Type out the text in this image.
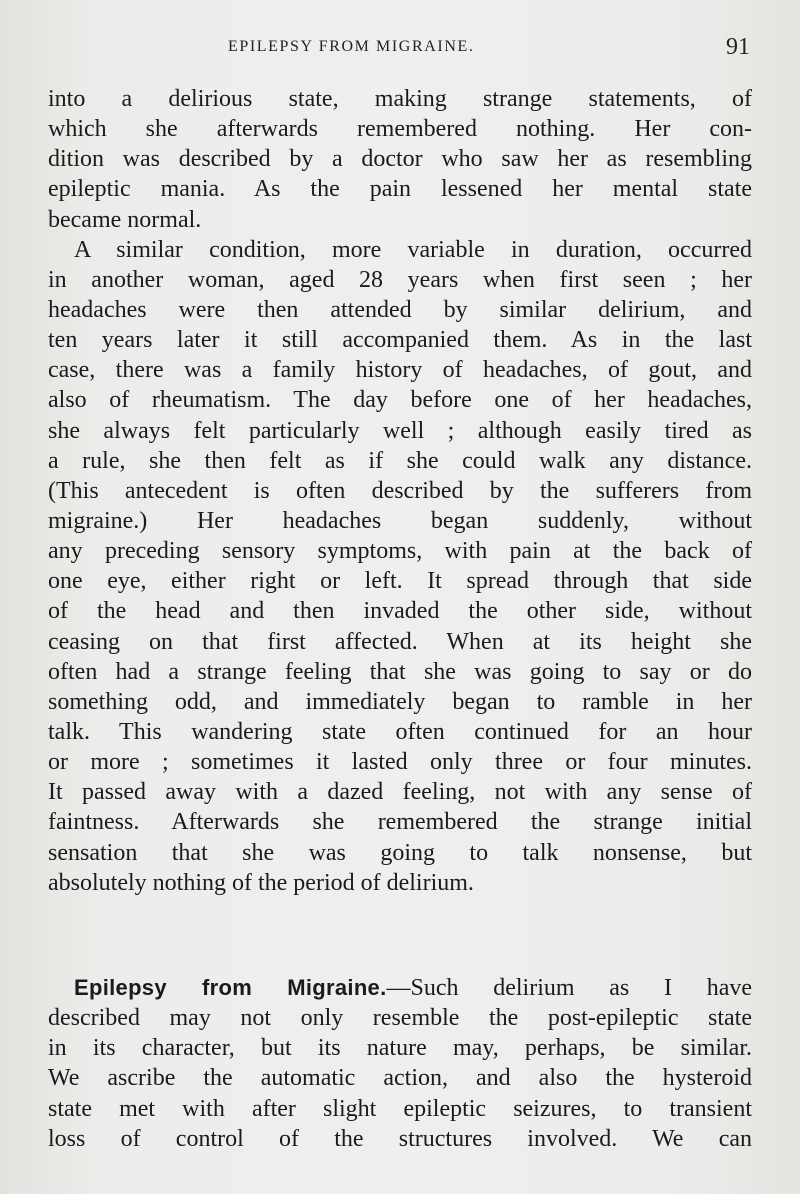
EPILEPSY FROM MIGRAINE.	91
into a delirious state, making strange statements, of
which she afterwards remembered nothing. Her con-
dition was described by a doctor who saw her as resembling
epileptic mania. As the pain lessened her mental state
became normal.
A similar condition, more variable in duration, occurred
in another woman, aged 28 years when first seen ; her
headaches were then attended by similar delirium, and
ten years later it still accompanied them. As in the last
case, there was a family history of headaches, of gout, and
also of rheumatism. The day before one of her headaches,
she always felt particularly well ; although easily tired as
a rule, she then felt as if she could walk any distance.
(This antecedent is often described by the sufferers from
migraine.) Her headaches began suddenly, without
any preceding sensory symptoms, with pain at the back of
one eye, either right or left. It spread through that side
of the head and then invaded the other side, without
ceasing on that first affected. When at its height she
often had a strange feeling that she was going to say or do
something odd, and immediately began to ramble in her
talk. This wandering state often continued for an hour
or more ; sometimes it lasted only three or four minutes.
It passed away with a dazed feeling, not with any sense of
faintness. Afterwards she remembered the strange initial
sensation that she was going to talk nonsense, but
absolutely nothing of the period of delirium.
Epilepsy from Migraine.—Such delirium as I have
described may not only resemble the post-epileptic state
in its character, but its nature may, perhaps, be similar.
We ascribe the automatic action, and also the hysteroid
state met with after slight epileptic seizures, to transient
loss of control of the structures involved. We can
